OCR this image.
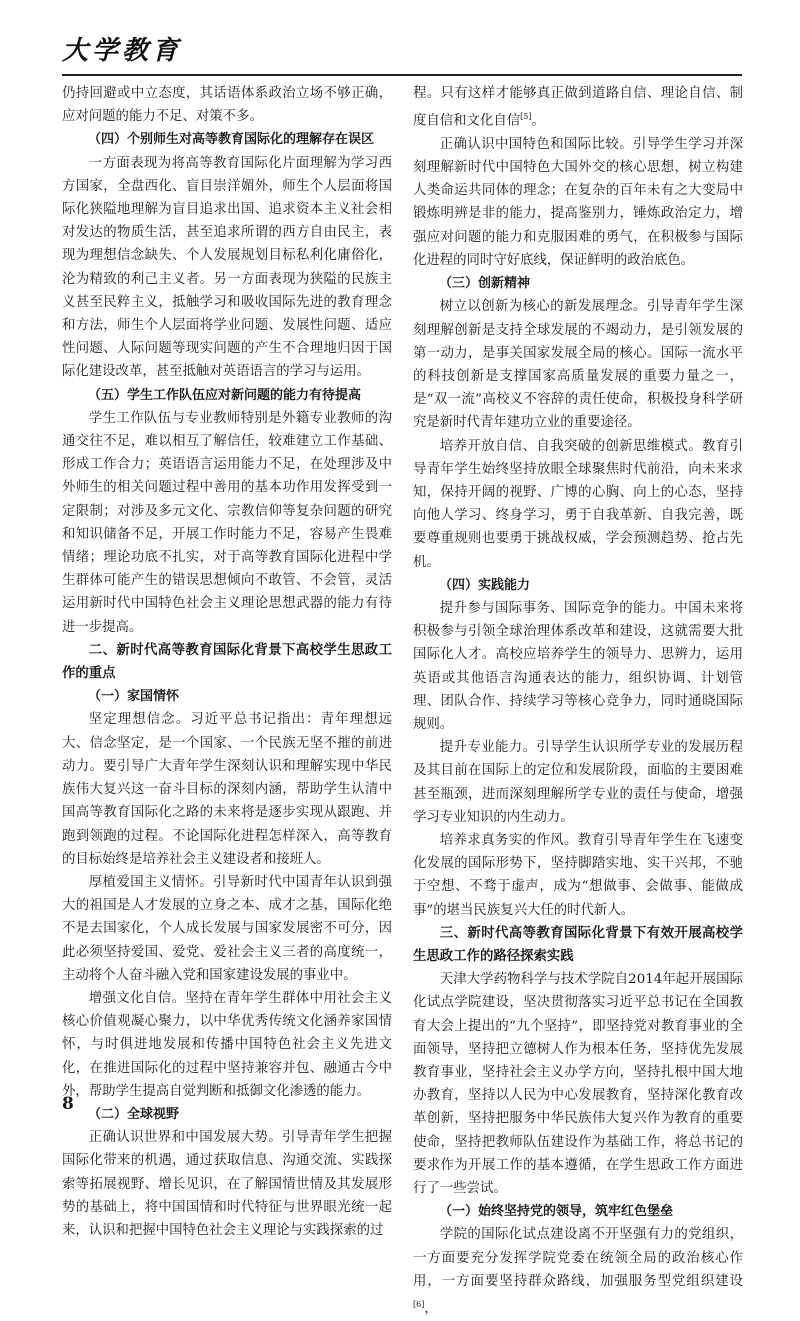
大学教育

仍持回避或中立态度，其话语体系政治立场不够正确，应对问题的能力不足、对策不多。

（四）个别师生对高等教育国际化的理解存在误区

一方面表现为将高等教育国际化片面理解为学习西方国家，全盘西化、盲目崇洋媚外，师生个人层面将国际化狭隘地理解为盲目追求出国、追求资本主义社会相对发达的物质生活，甚至追求所谓的西方自由民主，表现为理想信念缺失、个人发展规划目标私利化庸俗化，沦为精致的利己主义者。另一方面表现为狭隘的民族主义甚至民粹主义，抵触学习和吸收国际先进的教育理念和方法，师生个人层面将学业问题、发展性问题、适应性问题、人际问题等现实问题的产生不合理地归因于国际化建设改革，甚至抵触对英语语言的学习与运用。

（五）学生工作队伍应对新问题的能力有待提高

学生工作队伍与专业教师特别是外籍专业教师的沟通交往不足，难以相互了解信任，较难建立工作基础、形成工作合力；英语语言运用能力不足，在处理涉及中外师生的相关问题过程中善用的基本功作用发挥受到一定限制；对涉及多元文化、宗教信仰等复杂问题的研究和知识储备不足，开展工作时能力不足，容易产生畏难情绪；理论功底不扎实，对于高等教育国际化进程中学生群体可能产生的错误思想倾向不敢管、不会管，灵活运用新时代中国特色社会主义理论思想武器的能力有待进一步提高。

二、新时代高等教育国际化背景下高校学生思政工作的重点
（一）家国情怀

坚定理想信念。习近平总书记指出：青年理想远大、信念坚定，是一个国家、一个民族无坚不摧的前进动力。要引导广大青年学生深刻认识和理解实现中华民族伟大复兴这一奋斗目标的深刻内涵，帮助学生认清中国高等教育国际化之路的未来将是逐步实现从跟跑、并跑到领跑的过程。不论国际化进程怎样深入，高等教育的目标始终是培养社会主义建设者和接班人。

厚植爱国主义情怀。引导新时代中国青年认识到强大的祖国是人才发展的立身之本、成才之基，国际化绝不是去国家化，个人成长发展与国家发展密不可分，因此必须坚持爱国、爱党、爱社会主义三者的高度统一，主动将个人奋斗融入党和国家建设发展的事业中。

增强文化自信。坚持在青年学生群体中用社会主义核心价值观凝心聚力，以中华优秀传统文化涵养家国情怀，与时俱进地发展和传播中国特色社会主义先进文化，在推进国际化的过程中坚持兼容并包、融通古今中外，帮助学生提高自觉判断和抵御文化渗透的能力。

（二）全球视野

正确认识世界和中国发展大势。引导青年学生把握国际化带来的机遇，通过获取信息、沟通交流、实践探索等拓展视野、增长见识，在了解国情世情及其发展形势的基础上，将中国国情和时代特征与世界眼光统一起来，认识和把握中国特色社会主义理论与实践探索的过

程。只有这样才能够真正做到道路自信、理论自信、制度自信和文化自信[5]。

正确认识中国特色和国际比较。引导学生学习并深刻理解新时代中国特色大国外交的核心思想，树立构建人类命运共同体的理念；在复杂的百年未有之大变局中锻炼明辨是非的能力，提高鉴别力，锤炼政治定力，增强应对问题的能力和克服困难的勇气，在积极参与国际化进程的同时守好底线，保证鲜明的政治底色。

（三）创新精神

树立以创新为核心的新发展理念。引导青年学生深刻理解创新是支持全球发展的不竭动力，是引领发展的第一动力，是事关国家发展全局的核心。国际一流水平的科技创新是支撑国家高质量发展的重要力量之一，是“双一流”高校义不容辞的责任使命，积极投身科学研究是新时代青年建功立业的重要途径。

培养开放自信、自我突破的创新思维模式。教育引导青年学生始终坚持放眼全球聚焦时代前沿，向未来求知，保持开阔的视野、广博的心胸、向上的心态，坚持向他人学习、终身学习，勇于自我革新、自我完善，既要尊重规则也要勇于挑战权威，学会预测趋势、抢占先机。

（四）实践能力

提升参与国际事务、国际竞争的能力。中国未来将积极参与引领全球治理体系改革和建设，这就需要大批国际化人才。高校应培养学生的领导力、思辨力，运用英语或其他语言沟通表达的能力，组织协调、计划管理、团队合作、持续学习等核心竞争力，同时通晓国际规则。

提升专业能力。引导学生认识所学专业的发展历程及其目前在国际上的定位和发展阶段，面临的主要困难甚至瓶颈，进而深刻理解所学专业的责任与使命，增强学习专业知识的内生动力。

培养求真务实的作风。教育引导青年学生在飞速变化发展的国际形势下，坚持脚踏实地、实干兴邦，不驰于空想、不骛于虚声，成为“想做事、会做事、能做成事”的堪当民族复兴大任的时代新人。

三、新时代高等教育国际化背景下有效开展高校学生思政工作的路径探索实践

天津大学药物科学与技术学院自2014年起开展国际化试点学院建设，坚决贯彻落实习近平总书记在全国教育大会上提出的“九个坚持”，即坚持党对教育事业的全面领导，坚持把立德树人作为根本任务，坚持优先发展教育事业，坚持社会主义办学方向，坚持扎根中国大地办教育，坚持以人民为中心发展教育，坚持深化教育改革创新，坚持把服务中华民族伟大复兴作为教育的重要使命，坚持把教师队伍建设作为基础工作，将总书记的要求作为开展工作的基本遵循，在学生思政工作方面进行了一些尝试。

（一）始终坚持党的领导，筑牢红色堡垒

学院的国际化试点建设离不开坚强有力的党组织，一方面要充分发挥学院党委在统领全局的政治核心作用，一方面要坚持群众路线，加强服务型党组织建设[6]，

8
